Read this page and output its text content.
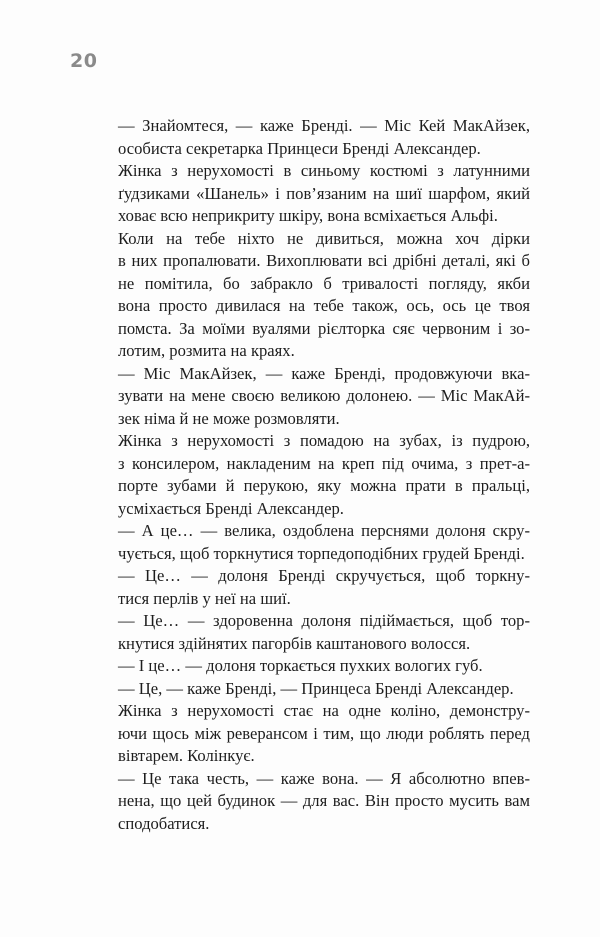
20

— Знайомтеся, — каже Бренді. — Міс Кей МакАйзек,
особиста секретарка Принцеси Бренді Александер.

Жінка з нерухомості в синьому костюмі з латунними
ґудзиками «Шанель» і пов’язаним на шиї шарфом, який
ховає всю неприкриту шкіру, вона всміхається Альфі.

Коли на тебе ніхто не дивиться, можна хоч дірки
в них пропалювати. Вихоплювати всі дрібні деталі, які б
не помітила, бо забракло б тривалості погляду, якби
вона просто дивилася на тебе також, ось, ось це твоя
помста. За моїми вуалями рієлторка сяє червоним і зо-
лотим, розмита на краях.

— Міс МакАйзек, — каже Бренді, продовжуючи вка-
зувати на мене своєю великою долонею. — Міс МакАй-
зек німа й не може розмовляти.

Жінка з нерухомості з помадою на зубах, із пудрою,
з консилером, накладеним на креп під очима, з прет-а-
порте зубами й перукою, яку можна прати в пральці,
усміхається Бренді Александер.

— А це… — велика, оздоблена перснями долоня скру-
чується, щоб торкнутися торпедоподібних грудей Бренді.

— Це… — долоня Бренді скручується, щоб торкну-
тися перлів у неї на шиї.

— Це… — здоровенна долоня підіймається, щоб тор-
кнутися здійнятих пагорбів каштанового волосся.

— І це… — долоня торкається пухких вологих губ.

— Це, — каже Бренді, — Принцеса Бренді Александер.

Жінка з нерухомості стає на одне коліно, демонстру-
ючи щось між реверансом і тим, що люди роблять перед
вівтарем. Колінкує.

— Це така честь, — каже вона. — Я абсолютно впев-
нена, що цей будинок — для вас. Він просто мусить вам
сподобатися.
